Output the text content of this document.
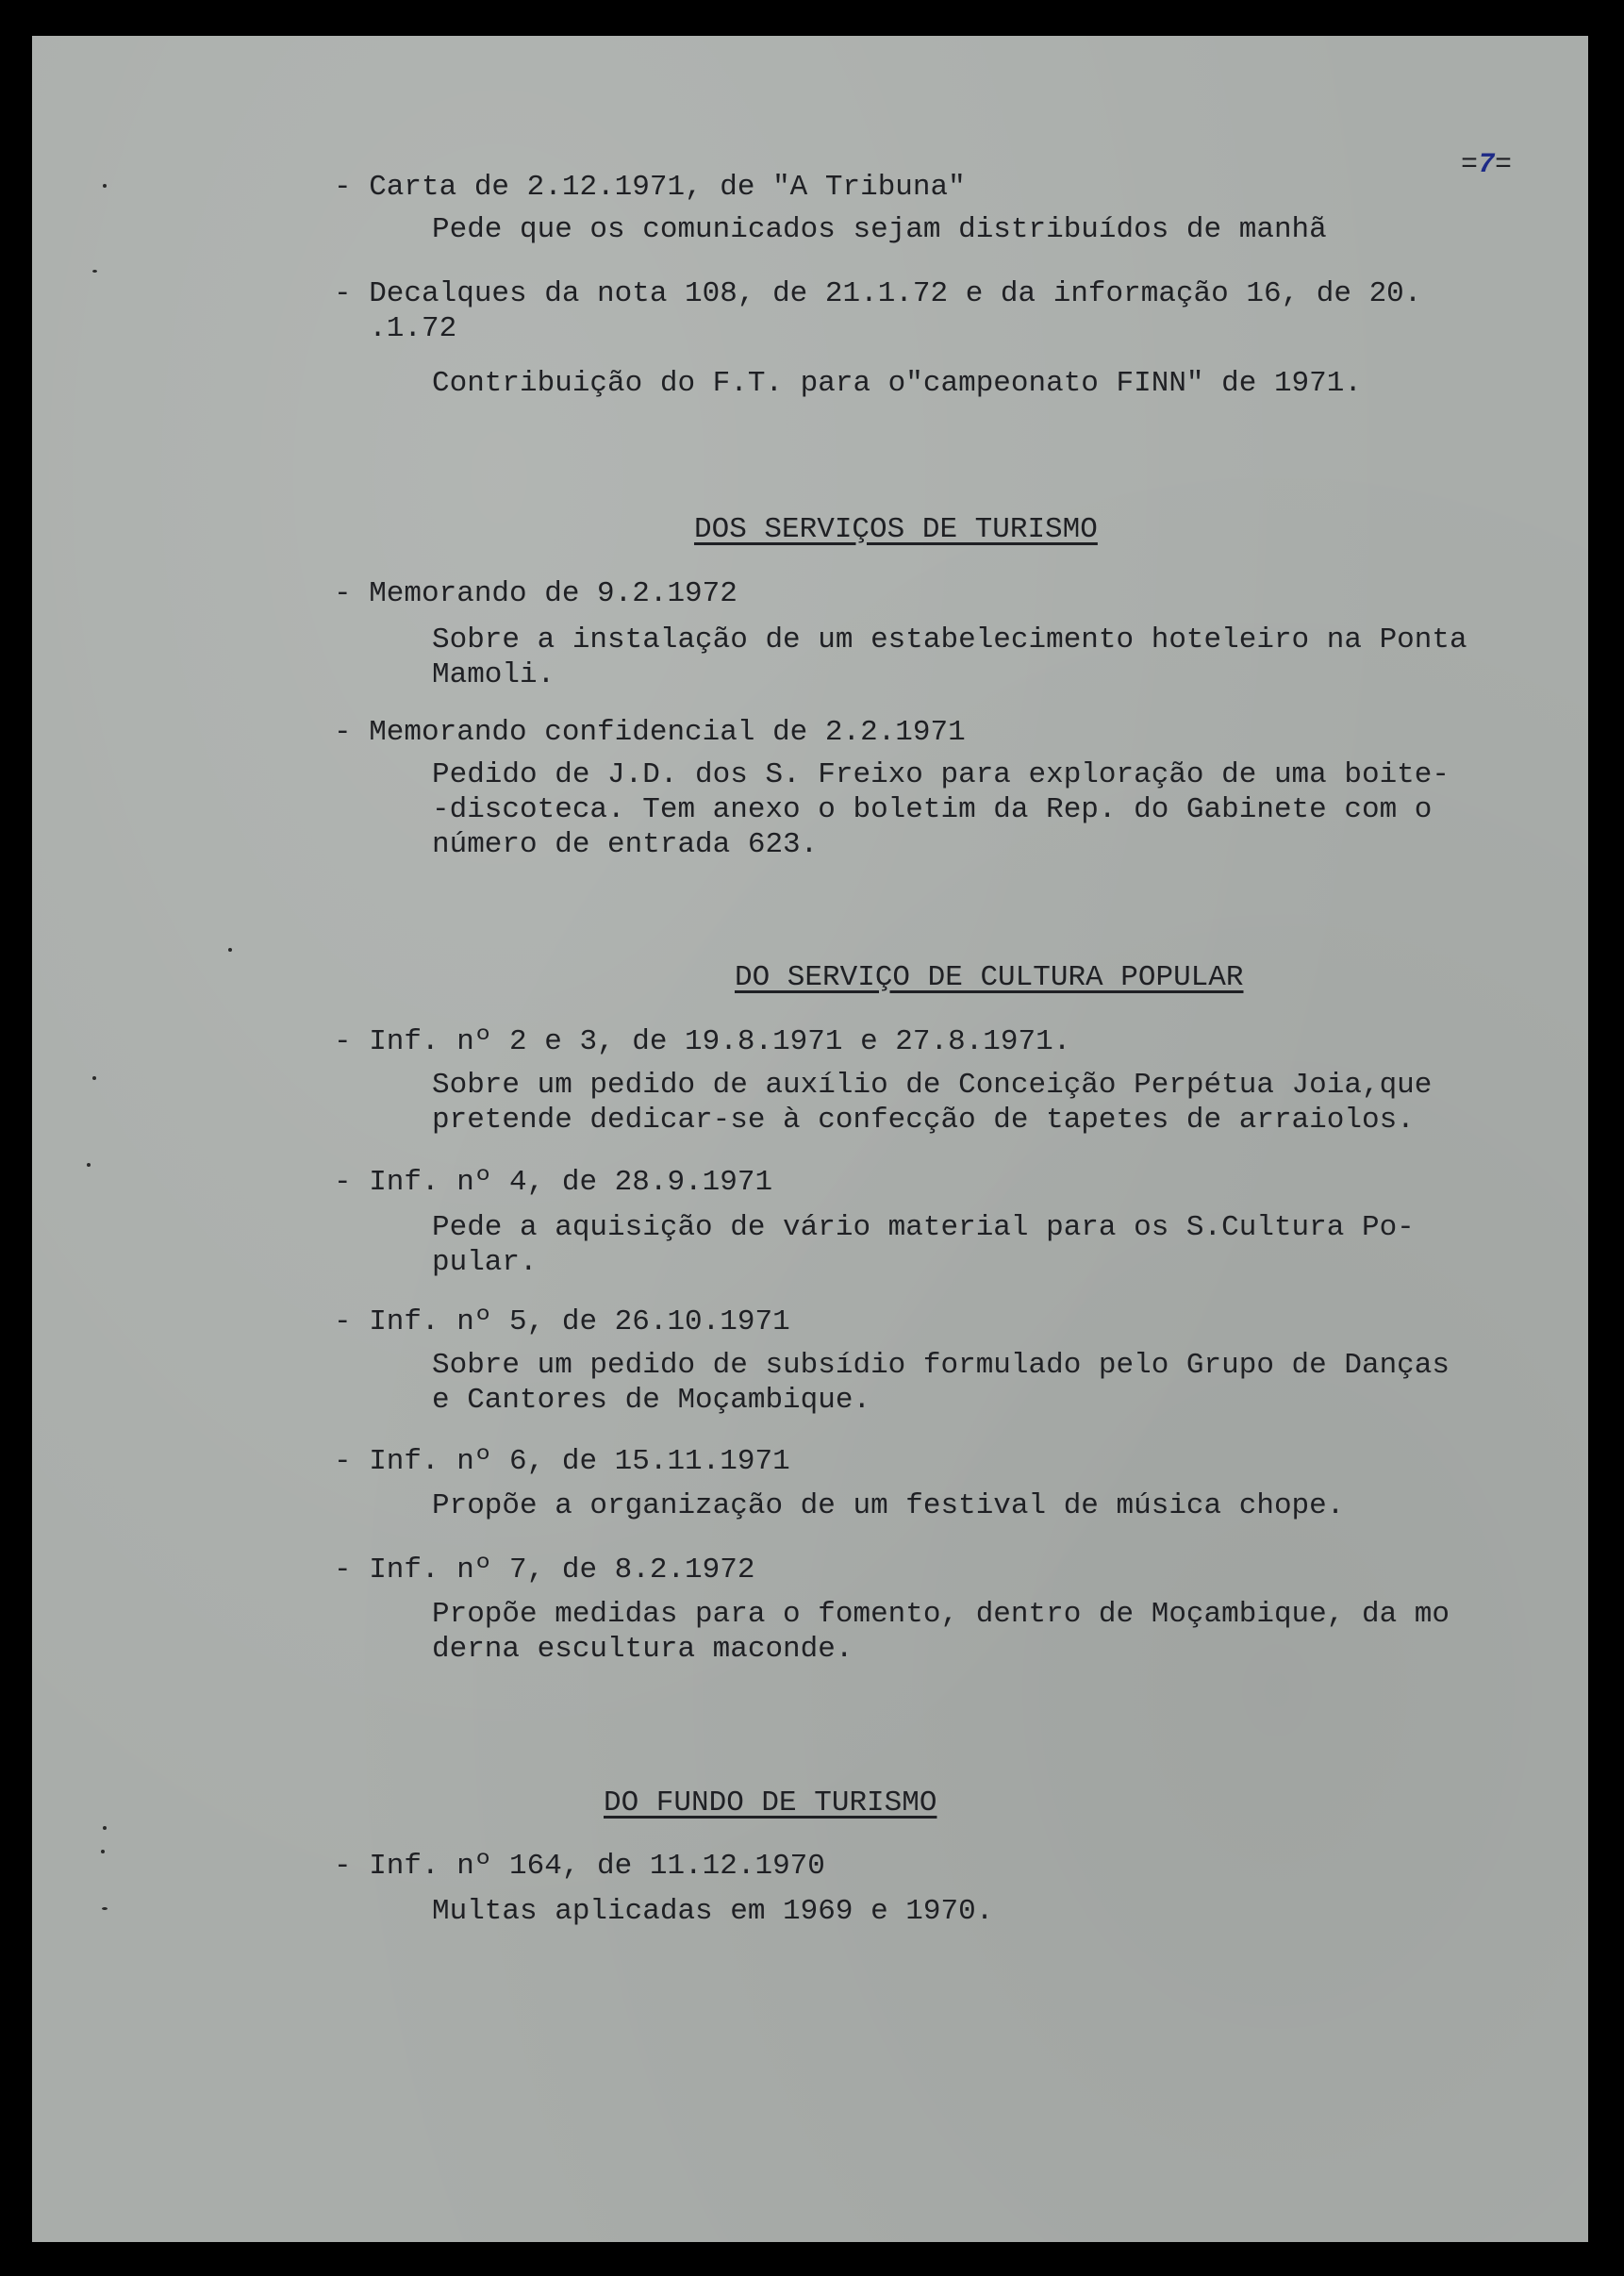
=7=

- Carta de 2.12.1971, de "A Tribuna"
Pede que os comunicados sejam distribuídos de manhã
- Decalques da nota 108, de 21.1.72 e da informação 16, de 20.
.1.72
Contribuição do F.T. para o"campeonato FINN" de 1971.
DOS SERVIÇOS DE TURISMO
- Memorando de 9.2.1972
Sobre a instalação de um estabelecimento hoteleiro na Ponta
Mamoli.
- Memorando confidencial de 2.2.1971
Pedido de J.D. dos S. Freixo para exploração de uma boite-
-discoteca. Tem anexo o boletim da Rep. do Gabinete com o
número de entrada 623.
DO SERVIÇO DE CULTURA POPULAR
- Inf. nº 2 e 3, de 19.8.1971 e 27.8.1971.
Sobre um pedido de auxílio de Conceição Perpétua Joia,que
pretende dedicar-se à confecção de tapetes de arraiolos.
- Inf. nº 4, de 28.9.1971
Pede a aquisição de vário material para os S.Cultura Po-
pular.
- Inf. nº 5, de 26.10.1971
Sobre um pedido de subsídio formulado pelo Grupo de Danças
e Cantores de Moçambique.
- Inf. nº 6, de 15.11.1971
Propõe a organização de um festival de música chope.
- Inf. nº 7, de 8.2.1972
Propõe medidas para o fomento, dentro de Moçambique, da mo
derna escultura maconde.
DO FUNDO DE TURISMO
- Inf. nº 164, de 11.12.1970
Multas aplicadas em 1969 e 1970.
